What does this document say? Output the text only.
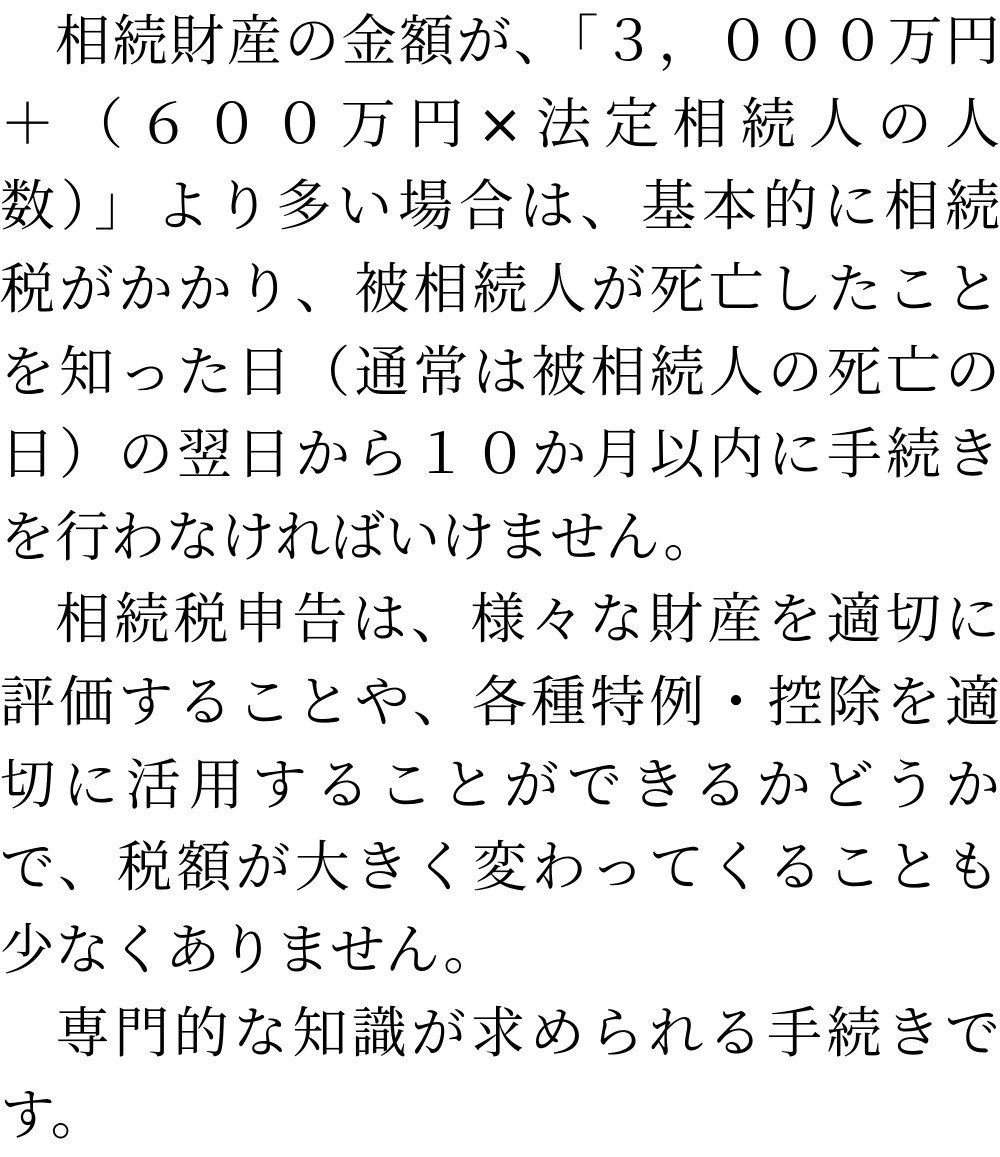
相続財産の金額が、「３，０００万円
＋（６００万円×法定相続人の人
数）」より多い場合は、基本的に相続
税がかかり、被相続人が死亡したこと
を知った日（通常は被相続人の死亡の
日）の翌日から１０か月以内に手続き
を行わなければいけません。

相続税申告は、様々な財産を適切に
評価することや、各種特例・控除を適
切に活用することができるかどうか
で、税額が大きく変わってくることも
少なくありません。

専門的な知識が求められる手続きで
す。
